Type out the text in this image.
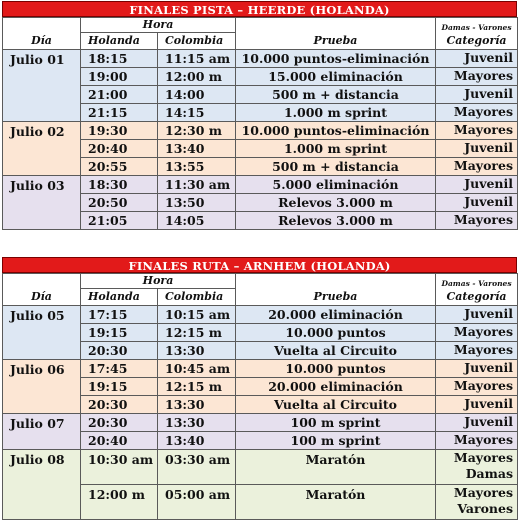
FINALES PISTA – HEERDE (HOLANDA)
Día	Hora		Prueba	Damas - Varones
Categoría

	Holanda	Colombia		
Julio 01	18:15	11:15 am	10.000 puntos-eliminación	Juvenil

	19:00	12:00 m	15.000 eliminación	Mayores

	21:00	14:00	500 m + distancia	Juvenil

	21:15	14:15	1.000 m sprint	Mayores

Julio 02	19:30	12:30 m	10.000 puntos-eliminación	Mayores

	20:40	13:40	1.000 m sprint	Juvenil

	20:55	13:55	500 m + distancia	Mayores

Julio 03	18:30	11:30 am	5.000 eliminación	Juvenil

	20:50	13:50	Relevos 3.000 m	Juvenil

	21:05	14:05	Relevos 3.000 m	Mayores
FINALES RUTA – ARNHEM (HOLANDA)
Día	Hora		Prueba	Damas - Varones
Categoría

	Holanda	Colombia		
Julio 05	17:15	10:15 am	20.000 eliminación	Juvenil

	19:15	12:15 m	10.000 puntos	Mayores

	20:30	13:30	Vuelta al Circuito	Mayores

Julio 06	17:45	10:45 am	10.000 puntos	Juvenil

	19:15	12:15 m	20.000 eliminación	Mayores

	20:30	13:30	Vuelta al Circuito	Juvenil

Julio 07	20:30	13:30	100 m sprint	Juvenil

	20:40	13:40	100 m sprint	Mayores

Julio 08	10:30 am	03:30 am	Maratón	Mayores
Damas

	12:00 m	05:00 am	Maratón	Mayores
Varones
